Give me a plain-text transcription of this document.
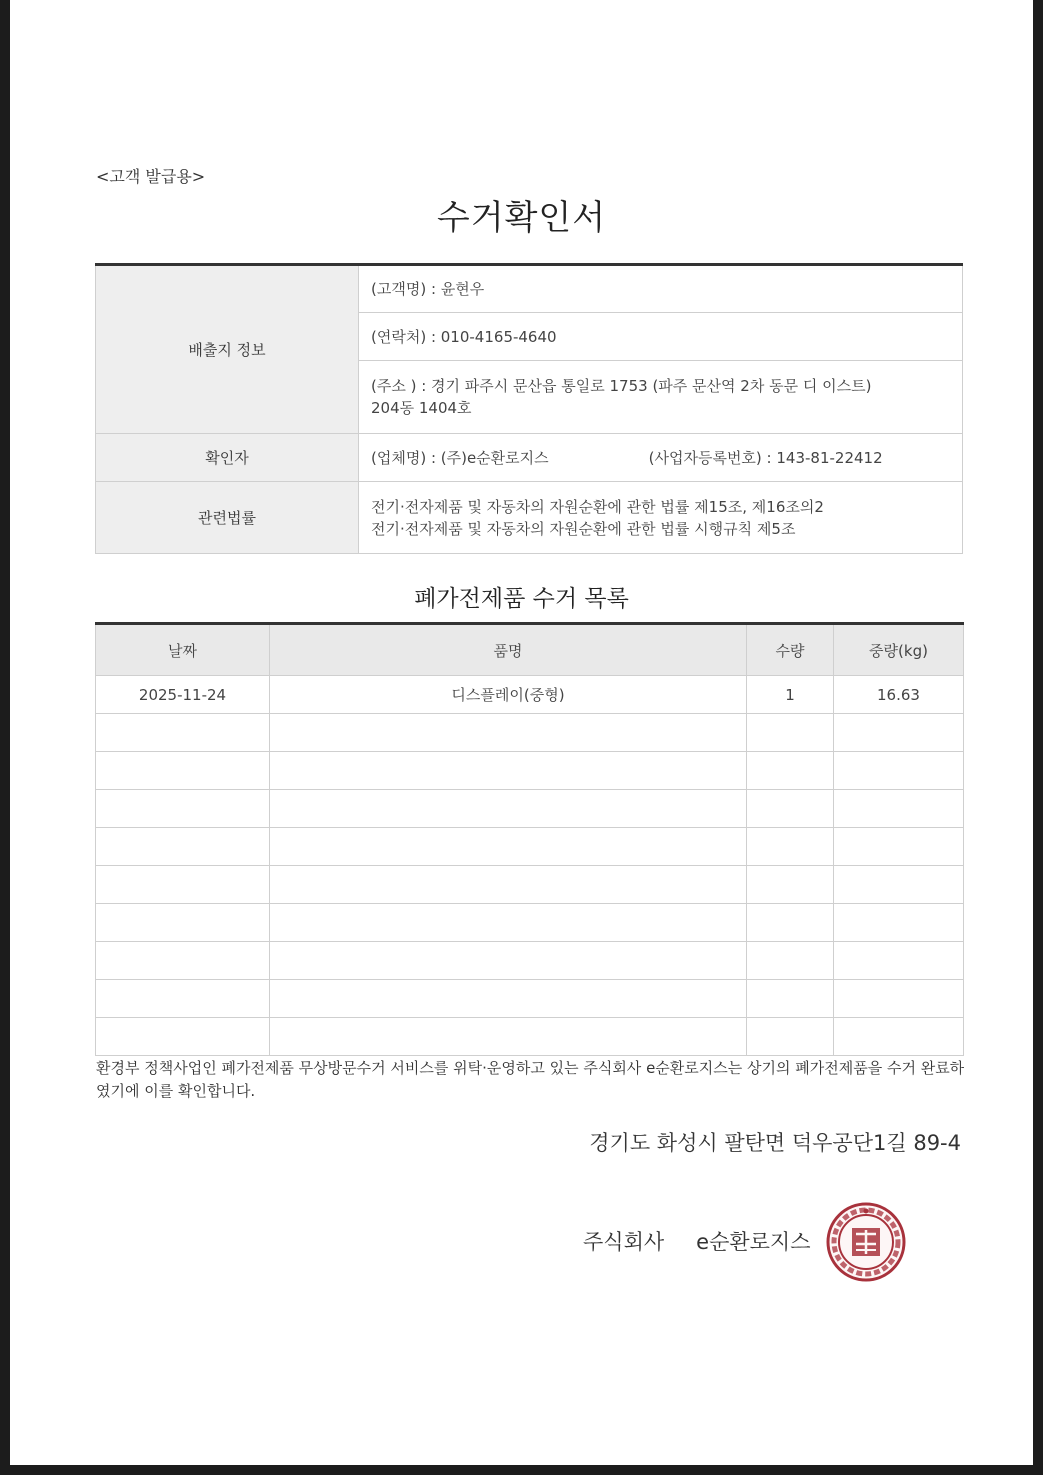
<고객 발급용>
수거확인서
배출지 정보	(고객명) : 윤현우
	(연락처) : 010-4165-4640

	(주소 ) : 경기 파주시 문산읍 통일로 1753 (파주 문산역 2차 동문 디 이스트)
204동 1404호

확인자	(업체명) : (주)e순환로지스 (사업자등록번호) : 143-81-22412
관련법률	전기·전자제품 및 자동차의 자원순환에 관한 법률 제15조, 제16조의2
전기·전자제품 및 자동차의 자원순환에 관한 법률 시행규칙 제5조
폐가전제품 수거 목록
날짜	품명	수량	중량(kg)
2025-11-24	디스플레이(중형)	1	16.63

환경부 정책사업인 폐가전제품 무상방문수거 서비스를 위탁·운영하고 있는 주식회사 e순환로지스는 상기의 폐가전제품을 수거 완료하였기에 이를 확인합니다.
경기도 화성시 팔탄면 덕우공단1길 89-4
주식회사 e순환로지스
